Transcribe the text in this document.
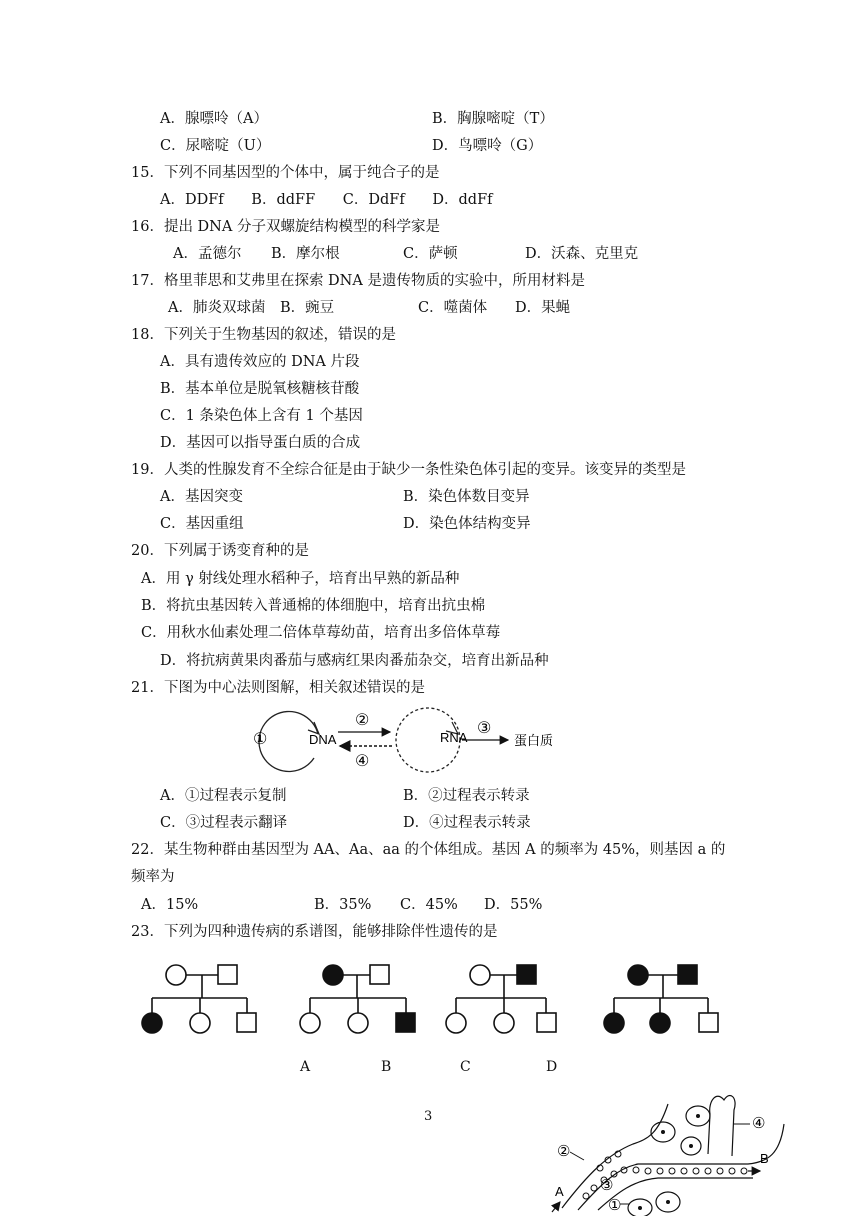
A．腺嘌呤（A）	B．胸腺嘧啶（T）
C．尿嘧啶（U）	D．鸟嘌呤（G）
15．下列不同基因型的个体中，属于纯合子的是
A．DDFf      B．ddFF      C．DdFf      D．ddFf
16．提出 DNA 分子双螺旋结构模型的科学家是
A．孟德尔 B．摩尔根	C．萨顿	D．沃森、克里克
17．格里菲思和艾弗里在探索 DNA 是遗传物质的实验中，所用材料是
A．肺炎双球菌 B．豌豆	C．噬菌体 D．果蝇
18．下列关于生物基因的叙述，错误的是
A．具有遗传效应的 DNA 片段
B．基本单位是脱氧核糖核苷酸
C．1 条染色体上含有 1 个基因
D．基因可以指导蛋白质的合成
19．人类的性腺发育不全综合征是由于缺少一条性染色体引起的变异。该变异的类型是
A．基因突变	B．染色体数目变异
C．基因重组	D．染色体结构变异
20．下列属于诱变育种的是
A．用 γ 射线处理水稻种子，培育出早熟的新品种
B．将抗虫基因转入普通棉的体细胞中，培育出抗虫棉
C．用秋水仙素处理二倍体草莓幼苗，培育出多倍体草莓
D．将抗病黄果肉番茄与感病红果肉番茄杂交，培育出新品种
21．下图为中心法则图解，相关叙述错误的是
①	DNA
②
④
RNA
③
蛋白质
A．①过程表示复制	B．②过程表示转录
C．③过程表示翻译	D．④过程表示转录
22．某生物种群由基因型为 AA、Aa、aa 的个体组成。基因 A 的频率为 45%，则基因 a 的
频率为
A．15%	B．35% C．45% D．55%
23．下列为四种遗传病的系谱图，能够排除伴性遗传的是
A	B	C	D
3	④
B
②
③
①
A
